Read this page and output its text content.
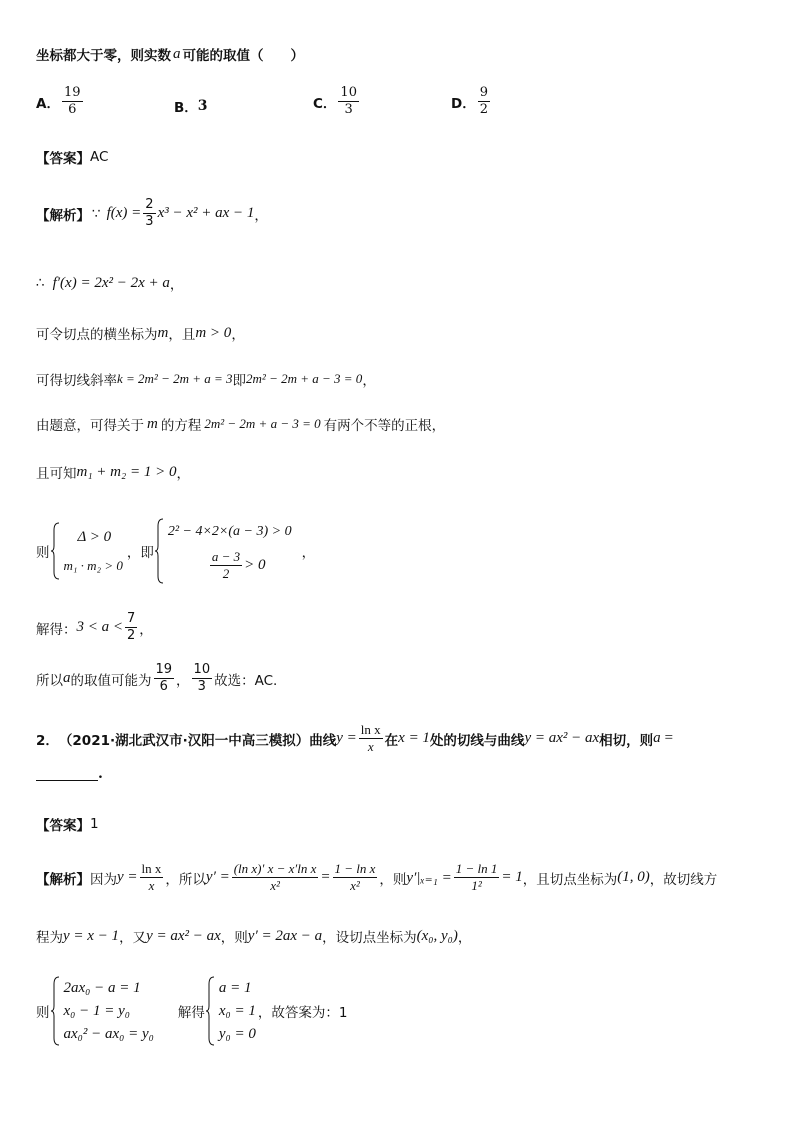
坐标都大于零，则实数 a 可能的取值（　　）
A． $\frac{19}{6}$	B． 3	C． $\frac{10}{3}$	D． $\frac{9}{2}$
【答案】 AC
【解析】 ∵ $f(x) = \frac{2}{3} x^3 - x^2$ + ax − 1 ，
∴ f′(x) = 2x² − 2x + a ，
可令切点的横坐标为 m ，且 m > 0 ，
可得切线斜率 k = 2m² − 2m + a = 3 即 2m² − 2m + a − 3 = 0 ，
由题意，可得关于 m 的方程 2m² − 2m + a − 3 = 0 有两个不等的正根，
且可知 m₁ + m₂ = 1 > 0 ，
则
Δ > 0
m₁ · m₂ > 0
，即
2² − 4×2×(a − 3) > 0
$\frac{a - 3}{2} > 0$
，
解得： $3 < a < \frac{7}{2}$ ，
所以 a 的取值可能为 $\frac{19}{6}$ ， $\frac{10}{3}$ 故选：AC.
2． （2021·湖北武汉市·汉阳一中高三模拟） 曲线 $y = \frac{\text{ln x}}{x}$ 在 x = 1 处的切线与曲线 y = ax² − ax 相切，则 a =
.
【答案】 1
【解析】 因为 $y = \frac{\text{ln x}}{x}$ ，所以 $y' = \frac{\text{(ln x)′ x − x′ln x}}{\text{x²}} = \frac{\text{1 − ln x}}{\text{x²}}$ ，则 $y'|_{x=1} = \frac{1 - \ln 1}{\text{1²}} = 1$ ，且切点坐标为 (1, 0) ，故切线方
程为 y = x − 1 ，又 y = ax² − ax ，则 y′ = 2ax − a ，设切点坐标为 (x₀, y₀) ，
则
2ax₀ − a = 1
x₀ − 1 = y₀
ax₀² − ax₀ = y₀
解得
a = 1
x₀ = 1
y₀ = 0
，故答案为：1
